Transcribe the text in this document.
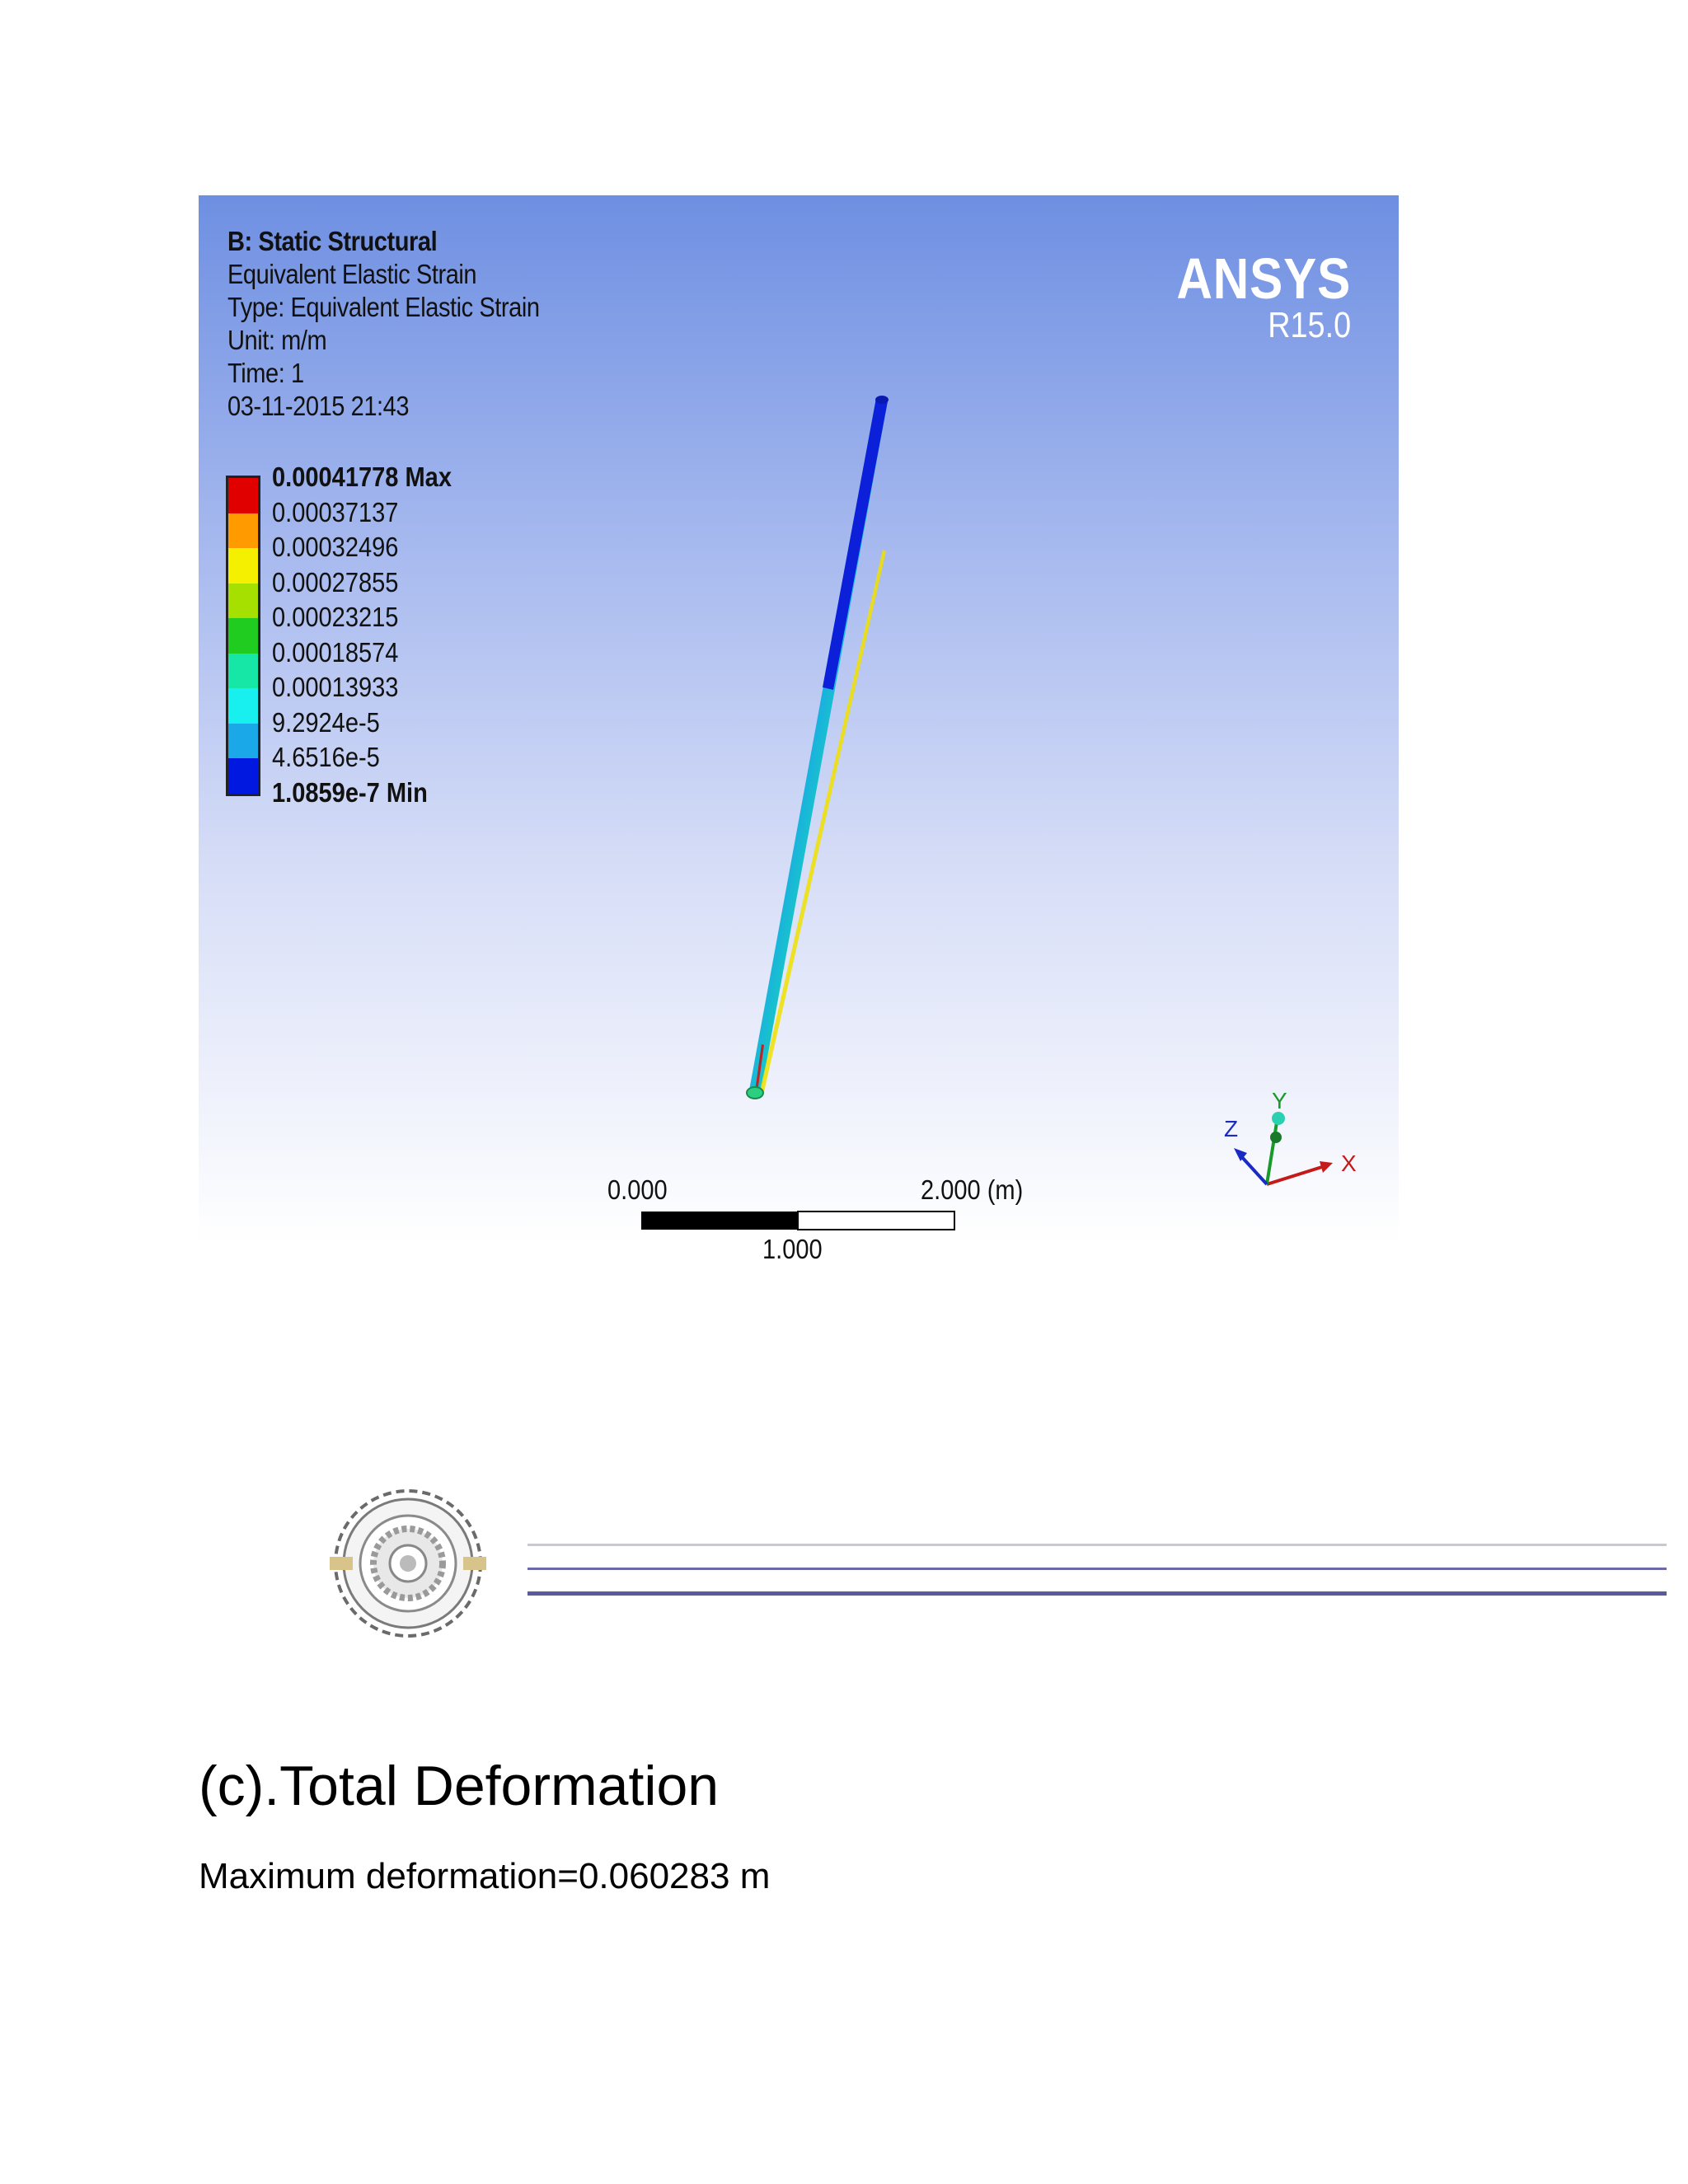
B: Static Structural
Equivalent Elastic Strain
Type: Equivalent Elastic Strain
Unit: m/m
Time: 1
03-11-2015 21:43
ANSYS
R15.0
0.00041778 Max
0.00037137
0.00032496
0.00027855
0.00023215
0.00018574
0.00013933
9.2924e-5
4.6516e-5
1.0859e-7 Min
0.000	2.000 (m)
1.000
X
Y
Z
(c).Total Deformation
Maximum deformation=0.060283 m
